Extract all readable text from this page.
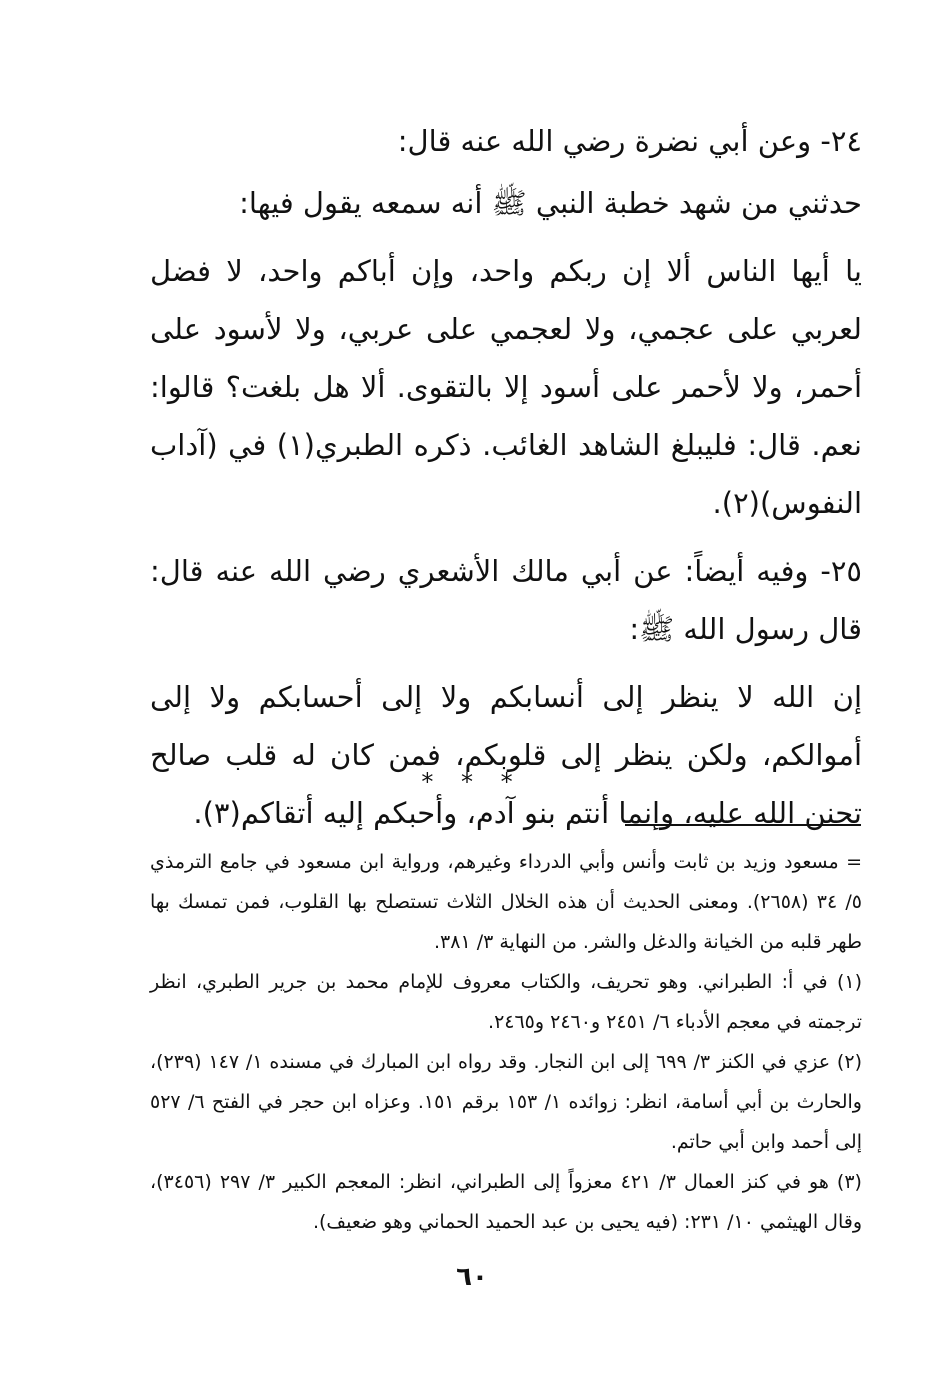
٢٤- وعن أبي نضرة رضي الله عنه قال:

حدثني من شهد خطبة النبي ﷺ أنه سمعه يقول فيها:

يا أيها الناس ألا إن ربكم واحد، وإن أباكم واحد، لا فضل لعربي على عجمي، ولا لعجمي على عربي، ولا لأسود على أحمر، ولا لأحمر على أسود إلا بالتقوى. ألا هل بلغت؟ قالوا: نعم. قال: فليبلغ الشاهد الغائب. ذكره الطبري(١) في (آداب النفوس)(٢).

٢٥- وفيه أيضاً: عن أبي مالك الأشعري رضي الله عنه قال: قال رسول الله ﷺ:

إن الله لا ينظر إلى أنسابكم ولا إلى أحسابكم ولا إلى أموالكم، ولكن ينظر إلى قلوبكم، فمن كان له قلب صالح تحنن الله عليه، وإنما أنتم بنو آدم، وأحبكم إليه أتقاكم(٣).

* * *

= مسعود وزيد بن ثابت وأنس وأبي الدرداء وغيرهم، ورواية ابن مسعود في جامع الترمذي ٥/ ٣٤ (٢٦٥٨). ومعنى الحديث أن هذه الخلال الثلاث تستصلح بها القلوب، فمن تمسك بها طهر قلبه من الخيانة والدغل والشر. من النهاية ٣/ ٣٨١.

(١) في أ: الطبراني. وهو تحريف، والكتاب معروف للإمام محمد بن جرير الطبري، انظر ترجمته في معجم الأدباء ٦/ ٢٤٥١ و٢٤٦٠ و٢٤٦٥.

(٢) عزي في الكنز ٣/ ٦٩٩ إلى ابن النجار. وقد رواه ابن المبارك في مسنده ١/ ١٤٧ (٢٣٩)، والحارث بن أبي أسامة، انظر: زوائده ١/ ١٥٣ برقم ١٥١. وعزاه ابن حجر في الفتح ٦/ ٥٢٧ إلى أحمد وابن أبي حاتم.

(٣) هو في كنز العمال ٣/ ٤٢١ معزواً إلى الطبراني، انظر: المعجم الكبير ٣/ ٢٩٧ (٣٤٥٦)، وقال الهيثمي ١٠/ ٢٣١: (فيه يحيى بن عبد الحميد الحماني وهو ضعيف).

٦٠
